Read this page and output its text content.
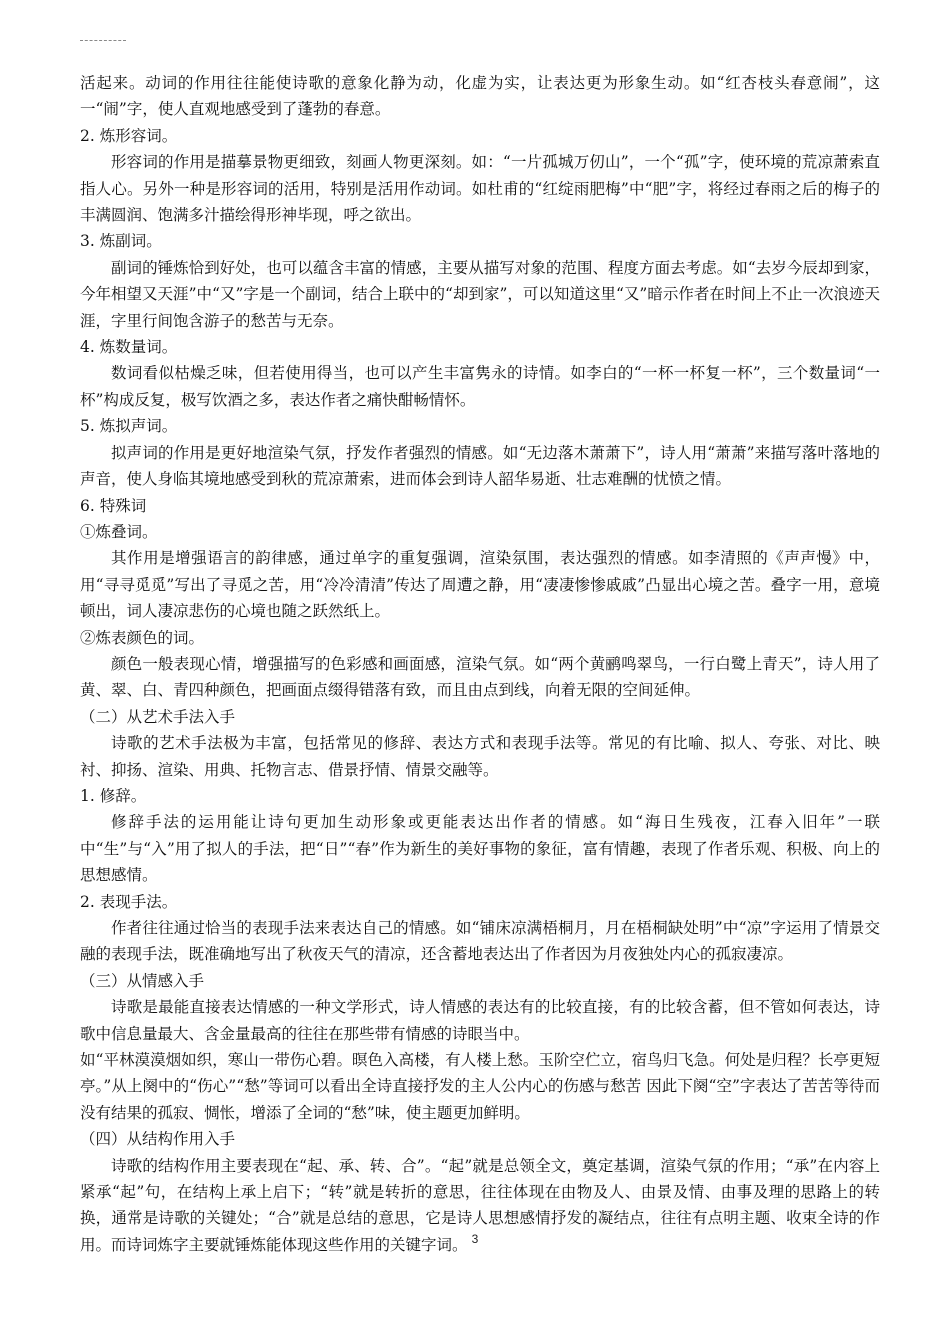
活起来。动词的作用往往能使诗歌的意象化静为动，化虚为实，让表达更为形象生动。如“红杏枝头春意闹”，这一“闹”字，使人直观地感受到了蓬勃的春意。

2. 炼形容词。

形容词的作用是描摹景物更细致，刻画人物更深刻。如：“一片孤城万仞山”，一个“孤”字，使环境的荒凉萧索直指人心。另外一种是形容词的活用，特别是活用作动词。如杜甫的“红绽雨肥梅”中“肥”字，将经过春雨之后的梅子的丰满圆润、饱满多汁描绘得形神毕现，呼之欲出。

3. 炼副词。

副词的锤炼恰到好处，也可以蕴含丰富的情感，主要从描写对象的范围、程度方面去考虑。如“去岁今辰却到家，今年相望又天涯”中“又”字是一个副词，结合上联中的“却到家”，可以知道这里“又”暗示作者在时间上不止一次浪迹天涯，字里行间饱含游子的愁苦与无奈。

4. 炼数量词。

数词看似枯燥乏味，但若使用得当，也可以产生丰富隽永的诗情。如李白的“一杯一杯复一杯”，三个数量词“一杯”构成反复，极写饮酒之多，表达作者之痛快酣畅情怀。

5. 炼拟声词。

拟声词的作用是更好地渲染气氛，抒发作者强烈的情感。如“无边落木萧萧下”，诗人用“萧萧”来描写落叶落地的声音，使人身临其境地感受到秋的荒凉萧索，进而体会到诗人韶华易逝、壮志难酬的忧愤之情。

6. 特殊词

①炼叠词。

其作用是增强语言的韵律感，通过单字的重复强调，渲染氛围，表达强烈的情感。如李清照的《声声慢》中，用“寻寻觅觅”写出了寻觅之苦，用“冷冷清清”传达了周遭之静，用“凄凄惨惨戚戚”凸显出心境之苦。叠字一用，意境顿出，词人凄凉悲伤的心境也随之跃然纸上。

②炼表颜色的词。

颜色一般表现心情，增强描写的色彩感和画面感，渲染气氛。如“两个黄鹂鸣翠鸟，一行白鹭上青天”，诗人用了黄、翠、白、青四种颜色，把画面点缀得错落有致，而且由点到线，向着无限的空间延伸。

（二）从艺术手法入手

诗歌的艺术手法极为丰富，包括常见的修辞、表达方式和表现手法等。常见的有比喻、拟人、夸张、对比、映衬、抑扬、渲染、用典、托物言志、借景抒情、情景交融等。

1. 修辞。

修辞手法的运用能让诗句更加生动形象或更能表达出作者的情感。如“海日生残夜，江春入旧年”一联中“生”与“入”用了拟人的手法，把“日”“春”作为新生的美好事物的象征，富有情趣，表现了作者乐观、积极、向上的思想感情。

2. 表现手法。

作者往往通过恰当的表现手法来表达自己的情感。如“铺床凉满梧桐月，月在梧桐缺处明”中“凉”字运用了情景交融的表现手法，既准确地写出了秋夜天气的清凉，还含蓄地表达出了作者因为月夜独处内心的孤寂凄凉。

（三）从情感入手

诗歌是最能直接表达情感的一种文学形式，诗人情感的表达有的比较直接，有的比较含蓄，但不管如何表达，诗歌中信息量最大、含金量最高的往往在那些带有情感的诗眼当中。

如“平林漠漠烟如织，寒山一带伤心碧。暝色入高楼，有人楼上愁。玉阶空伫立，宿鸟归飞急。何处是归程？长亭更短亭。”从上阕中的“伤心”“愁”等词可以看出全诗直接抒发的主人公内心的伤感与愁苦 因此下阕“空”字表达了苦苦等待而没有结果的孤寂、惆怅，增添了全词的“愁”味，使主题更加鲜明。

（四）从结构作用入手

诗歌的结构作用主要表现在“起、承、转、合”。“起”就是总领全文，奠定基调，渲染气氛的作用；“承”在内容上紧承“起”句，在结构上承上启下；“转”就是转折的意思，往往体现在由物及人、由景及情、由事及理的思路上的转换，通常是诗歌的关键处；“合”就是总结的意思，它是诗人思想感情抒发的凝结点，往往有点明主题、收束全诗的作用。而诗词炼字主要就锤炼能体现这些作用的关键字词。 3
